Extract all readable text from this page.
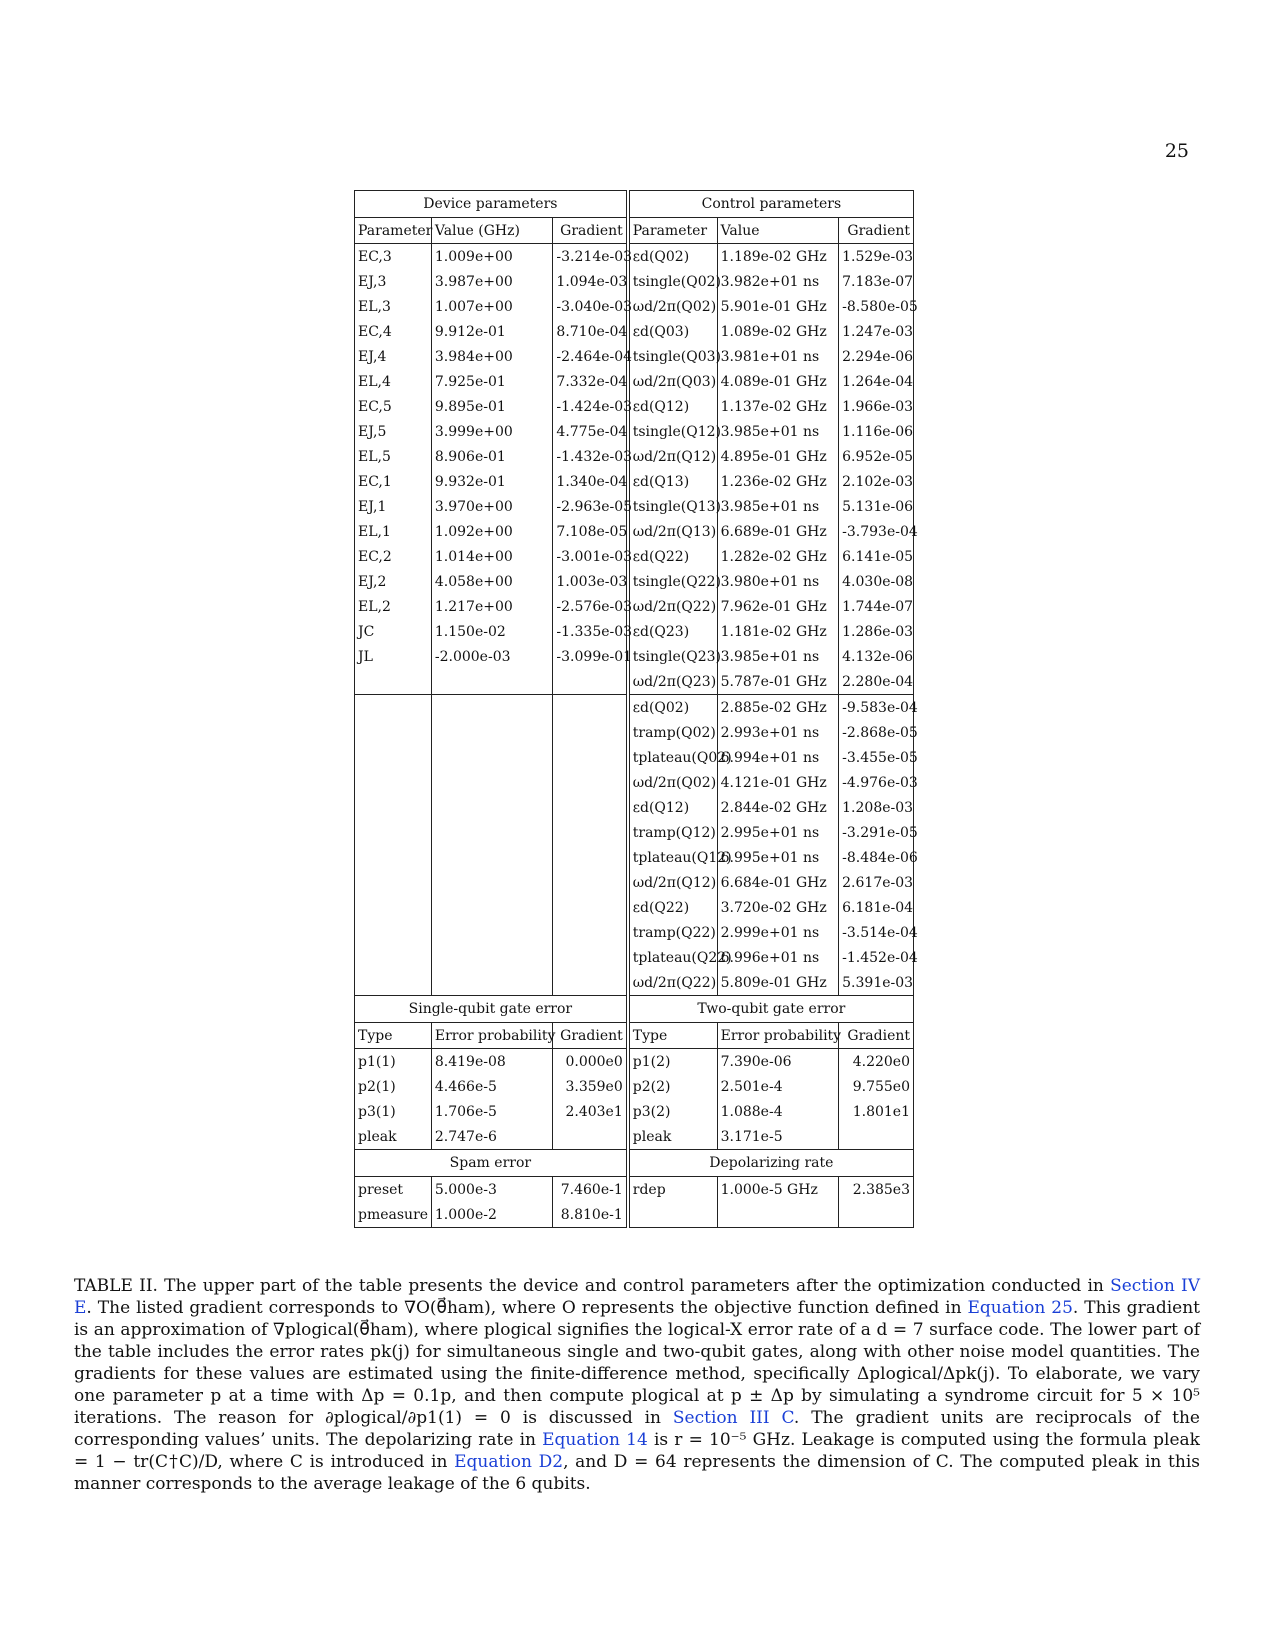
25
Device parameters			Control parameters		
Parameter	Value (GHz)	Gradient	Parameter	Value	Gradient
EC,3	1.009e+00	-3.214e-03	εd(Q02)	1.189e-02 GHz	1.529e-03
EJ,3	3.987e+00	1.094e-03	tsingle(Q02)	3.982e+01 ns	7.183e-07
EL,3	1.007e+00	-3.040e-03	ωd/2π(Q02)	5.901e-01 GHz	-8.580e-05
EC,4	9.912e-01	8.710e-04	εd(Q03)	1.089e-02 GHz	1.247e-03
EJ,4	3.984e+00	-2.464e-04	tsingle(Q03)	3.981e+01 ns	2.294e-06
EL,4	7.925e-01	7.332e-04	ωd/2π(Q03)	4.089e-01 GHz	1.264e-04
EC,5	9.895e-01	-1.424e-03	εd(Q12)	1.137e-02 GHz	1.966e-03
EJ,5	3.999e+00	4.775e-04	tsingle(Q12)	3.985e+01 ns	1.116e-06
EL,5	8.906e-01	-1.432e-03	ωd/2π(Q12)	4.895e-01 GHz	6.952e-05
EC,1	9.932e-01	1.340e-04	εd(Q13)	1.236e-02 GHz	2.102e-03
EJ,1	3.970e+00	-2.963e-05	tsingle(Q13)	3.985e+01 ns	5.131e-06
EL,1	1.092e+00	7.108e-05	ωd/2π(Q13)	6.689e-01 GHz	-3.793e-04
EC,2	1.014e+00	-3.001e-03	εd(Q22)	1.282e-02 GHz	6.141e-05
EJ,2	4.058e+00	1.003e-03	tsingle(Q22)	3.980e+01 ns	4.030e-08
EL,2	1.217e+00	-2.576e-03	ωd/2π(Q22)	7.962e-01 GHz	1.744e-07
JC	1.150e-02	-1.335e-03	εd(Q23)	1.181e-02 GHz	1.286e-03
JL	-2.000e-03	-3.099e-01	tsingle(Q23)	3.985e+01 ns	4.132e-06
			ωd/2π(Q23)	5.787e-01 GHz	2.280e-04
			εd(Q02)	2.885e-02 GHz	-9.583e-04
			tramp(Q02)	2.993e+01 ns	-2.868e-05
			tplateau(Q02)	6.994e+01 ns	-3.455e-05
			ωd/2π(Q02)	4.121e-01 GHz	-4.976e-03
			εd(Q12)	2.844e-02 GHz	1.208e-03
			tramp(Q12)	2.995e+01 ns	-3.291e-05
			tplateau(Q12)	6.995e+01 ns	-8.484e-06
			ωd/2π(Q12)	6.684e-01 GHz	2.617e-03
			εd(Q22)	3.720e-02 GHz	6.181e-04
			tramp(Q22)	2.999e+01 ns	-3.514e-04
			tplateau(Q22)	6.996e+01 ns	-1.452e-04
			ωd/2π(Q22)	5.809e-01 GHz	5.391e-03
Single-qubit gate error			Two-qubit gate error		
Type	Error probability	Gradient	Type	Error probability	Gradient
p1(1)	8.419e-08	0.000e0	p1(2)	7.390e-06	4.220e0
p2(1)	4.466e-5	3.359e0	p2(2)	2.501e-4	9.755e0
p3(1)	1.706e-5	2.403e1	p3(2)	1.088e-4	1.801e1
pleak	2.747e-6		pleak	3.171e-5	
Spam error			Depolarizing rate		
preset	5.000e-3	7.460e-1	rdep	1.000e-5 GHz	2.385e3
pmeasure	1.000e-2	8.810e-1			
TABLE II. The upper part of the table presents the device and control parameters after the optimization conducted in Section IV E. The listed gradient corresponds to ∇O(θ⃗ham), where O represents the objective function defined in Equation 25. This gradient is an approximation of ∇plogical(θ⃗ham), where plogical signifies the logical-X error rate of a d = 7 surface code. The lower part of the table includes the error rates pk(j) for simultaneous single and two-qubit gates, along with other noise model quantities. The gradients for these values are estimated using the finite-difference method, specifically Δplogical/Δpk(j). To elaborate, we vary one parameter p at a time with Δp = 0.1p, and then compute plogical at p ± Δp by simulating a syndrome circuit for 5 × 10⁵ iterations. The reason for ∂plogical/∂p1(1) = 0 is discussed in Section III C. The gradient units are reciprocals of the corresponding values’ units. The depolarizing rate in Equation 14 is r = 10⁻⁵ GHz. Leakage is computed using the formula pleak = 1 − tr(C†C)/D, where C is introduced in Equation D2, and D = 64 represents the dimension of C. The computed pleak in this manner corresponds to the average leakage of the 6 qubits.
